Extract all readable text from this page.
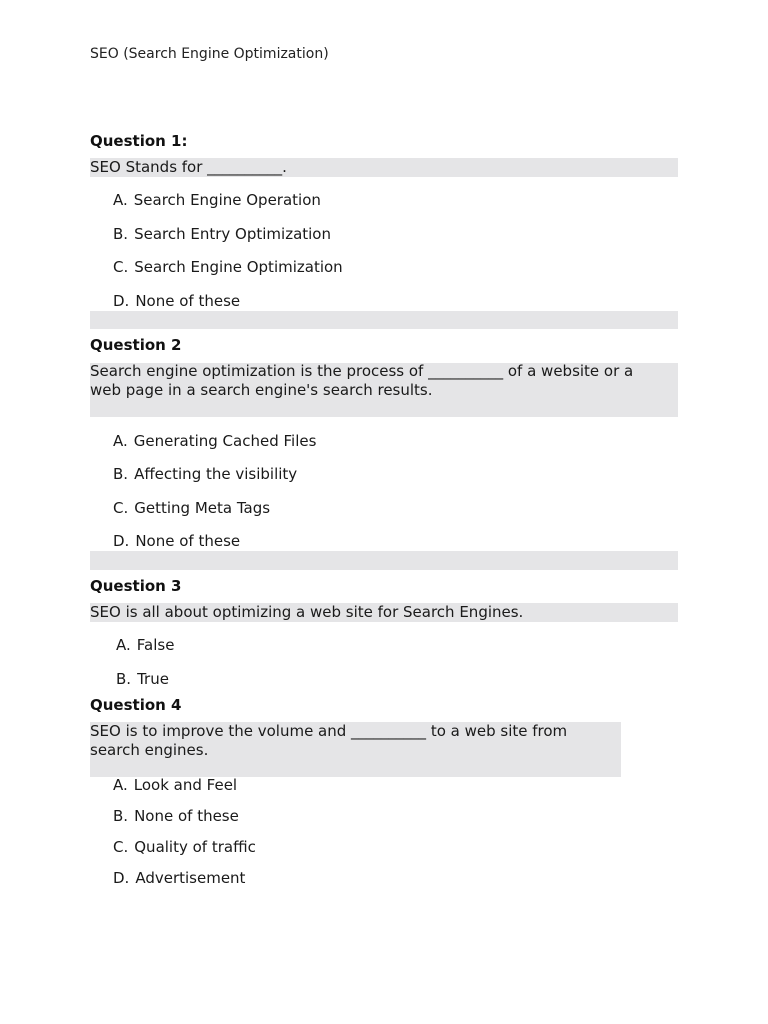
SEO (Search Engine Optimization)
Question 1:
SEO Stands for __________.
A. Search Engine Operation
B. Search Entry Optimization
C. Search Engine Optimization
D. None of these
Question 2
Search engine optimization is the process of __________ of a website or a web page in a search engine's search results.
A. Generating Cached Files
B. Affecting the visibility
C. Getting Meta Tags
D. None of these
Question 3
SEO is all about optimizing a web site for Search Engines.
A. False
B. True
Question 4
SEO is to improve the volume and __________ to a web site from search engines.
A. Look and Feel
B. None of these
C. Quality of traffic
D. Advertisement
